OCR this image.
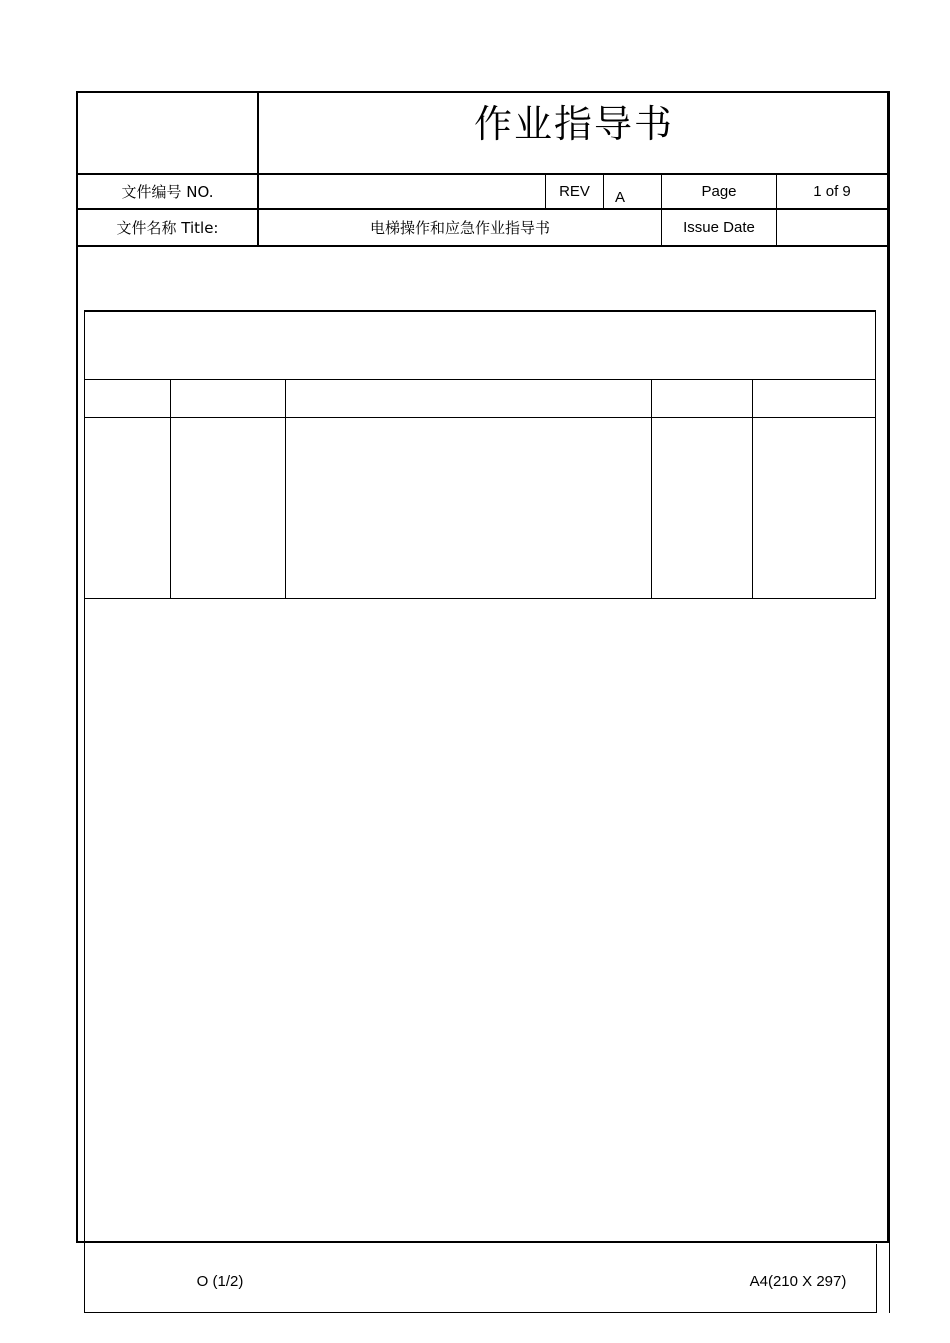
作业指导书
文件编号 NO.	REV	A	Page	1 of 9
文件名称 Title:	电梯操作和应急作业指导书	Issue Date
O (1/2)	A4(210 X 297)
